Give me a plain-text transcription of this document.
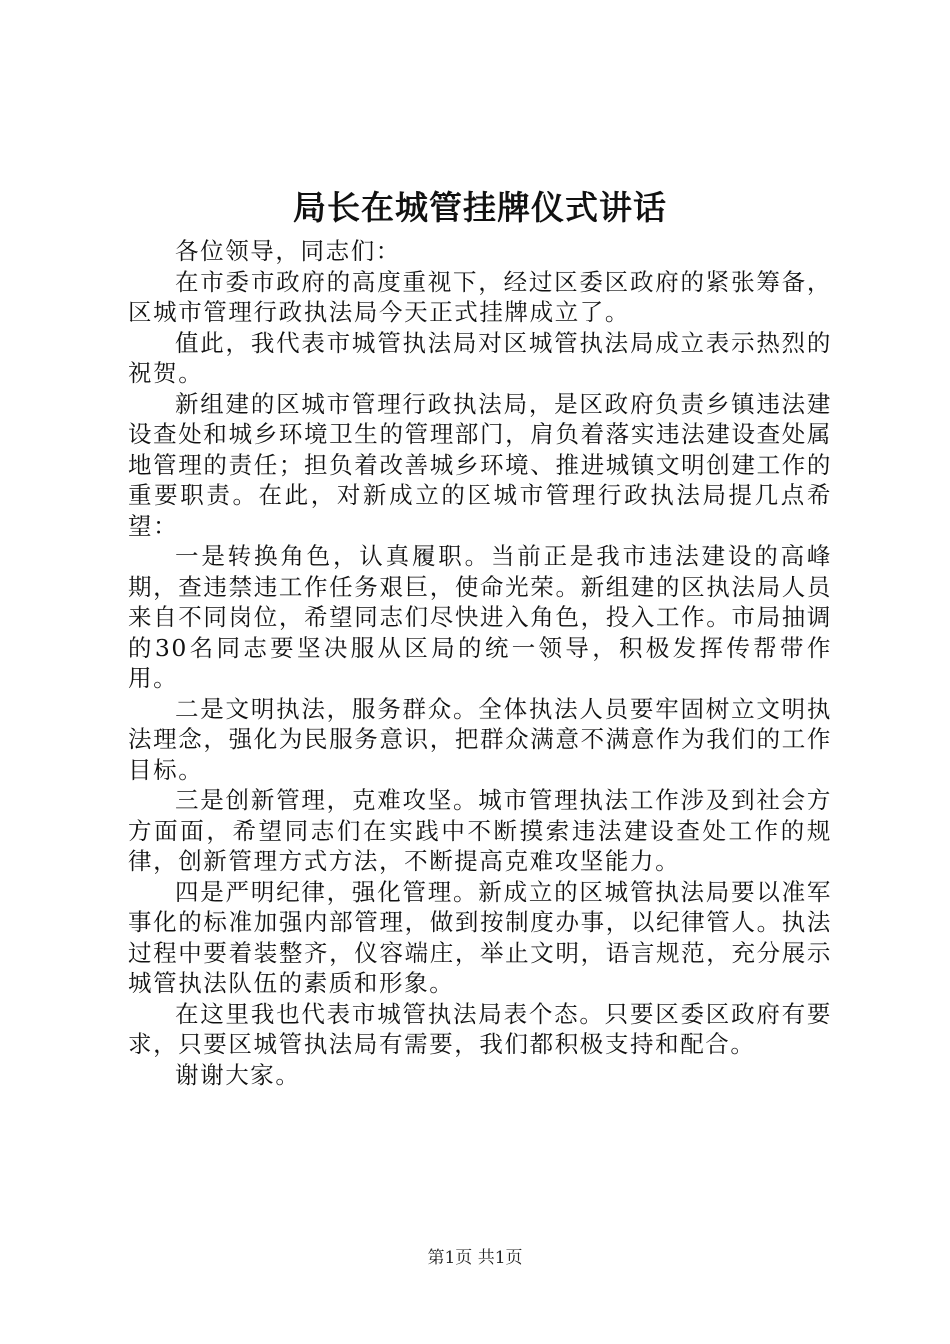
局长在城管挂牌仪式讲话

各位领导，同志们：

在市委市政府的高度重视下，经过区委区政府的紧张筹备，区城市管理行政执法局今天正式挂牌成立了。

值此，我代表市城管执法局对区城管执法局成立表示热烈的祝贺。

新组建的区城市管理行政执法局，是区政府负责乡镇违法建设查处和城乡环境卫生的管理部门，肩负着落实违法建设查处属地管理的责任；担负着改善城乡环境、推进城镇文明创建工作的重要职责。在此，对新成立的区城市管理行政执法局提几点希望：

一是转换角色，认真履职。当前正是我市违法建设的高峰期，查违禁违工作任务艰巨，使命光荣。新组建的区执法局人员来自不同岗位，希望同志们尽快进入角色，投入工作。市局抽调的30名同志要坚决服从区局的统一领导，积极发挥传帮带作用。

二是文明执法，服务群众。全体执法人员要牢固树立文明执法理念，强化为民服务意识，把群众满意不满意作为我们的工作目标。

三是创新管理，克难攻坚。城市管理执法工作涉及到社会方方面面，希望同志们在实践中不断摸索违法建设查处工作的规律，创新管理方式方法，不断提高克难攻坚能力。

四是严明纪律，强化管理。新成立的区城管执法局要以准军事化的标准加强内部管理，做到按制度办事，以纪律管人。执法过程中要着装整齐，仪容端庄，举止文明，语言规范，充分展示城管执法队伍的素质和形象。

在这里我也代表市城管执法局表个态。只要区委区政府有要求，只要区城管执法局有需要，我们都积极支持和配合。

谢谢大家。

第1页 共1页
